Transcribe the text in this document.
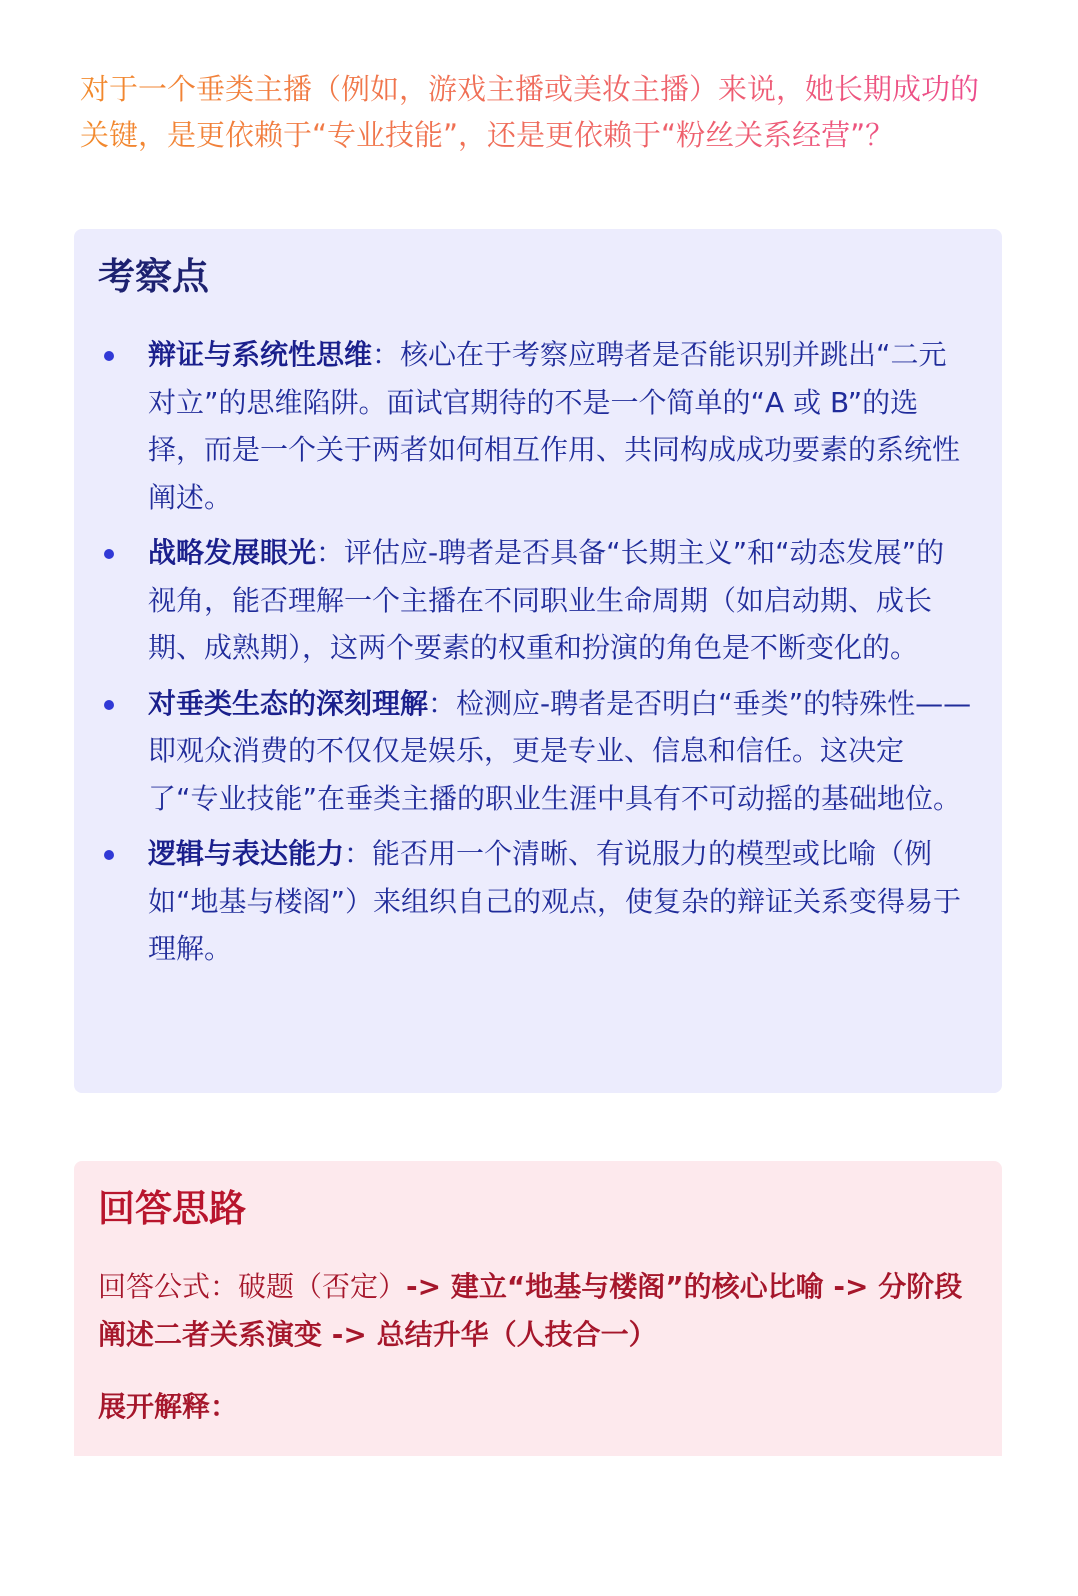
对于一个垂类主播（例如，游戏主播或美妆主播）来说，她长期成功的关键，是更依赖于“专业技能”，还是更依赖于“粉丝关系经营”？

考察点
辩证与系统性思维：核心在于考察应聘者是否能识别并跳出“二元对立”的思维陷阱。面试官期待的不是一个简单的“A 或 B”的选择，而是一个关于两者如何相互作用、共同构成成功要素的系统性阐述。
战略发展眼光：评估应-聘者是否具备“长期主义”和“动态发展”的视角，能否理解一个主播在不同职业生命周期（如启动期、成长期、成熟期），这两个要素的权重和扮演的角色是不断变化的。
对垂类生态的深刻理解：检测应-聘者是否明白“垂类”的特殊性——即观众消费的不仅仅是娱乐，更是专业、信息和信任。这决定了“专业技能”在垂类主播的职业生涯中具有不可动摇的基础地位。
逻辑与表达能力：能否用一个清晰、有说服力的模型或比喻（例如“地基与楼阁”）来组织自己的观点，使复杂的辩证关系变得易于理解。
回答思路

回答公式：破题（否定）-> 建立“地基与楼阁”的核心比喻 -> 分阶段阐述二者关系演变 -> 总结升华（人技合一）

展开解释：
